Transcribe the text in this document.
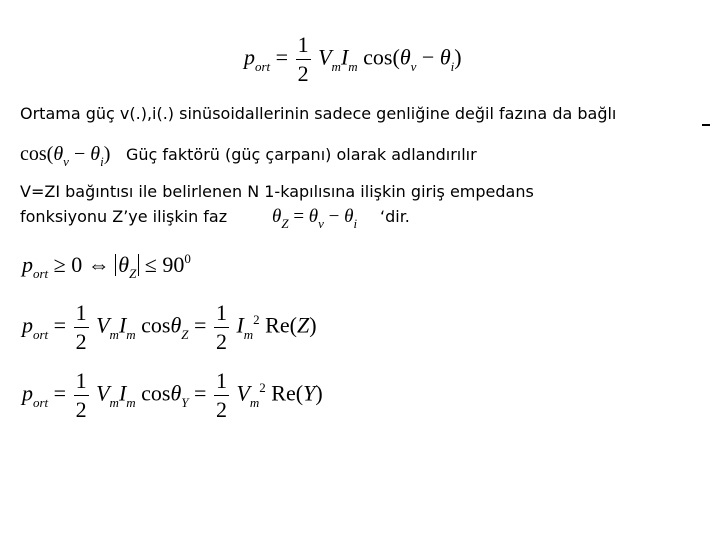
$p_{ort} = \frac{1}{2} V_mI_m$ $\cos(\theta_v - \theta_i)$
Ortama güç v(.),i(.) sinüsoidallerinin sadece genliğine değil fazına da bağlı
$\cos(\theta_v - \theta_i)$ Güç faktörü (güç çarpanı) olarak adlandırılır
V=ZI bağıntısı ile belirlenen N 1-kapılısına ilişkin giriş empedans
fonksiyonu Z’ye ilişkin faz $\theta_Z = \theta_v - \theta_i$ ‘dir.
$p_{ort} \ge 0$ ⇔ $\theta_Z \le 90^0$
$p_{ort} = \frac{1}{2} V_mI_m$ $\cos\theta_Z = \frac{1}{2} I_m^2$ Re(Z)
$p_{ort} = \frac{1}{2} V_mI_m$ $\cos\theta_Y = \frac{1}{2} V_m^2$ Re(Y)
